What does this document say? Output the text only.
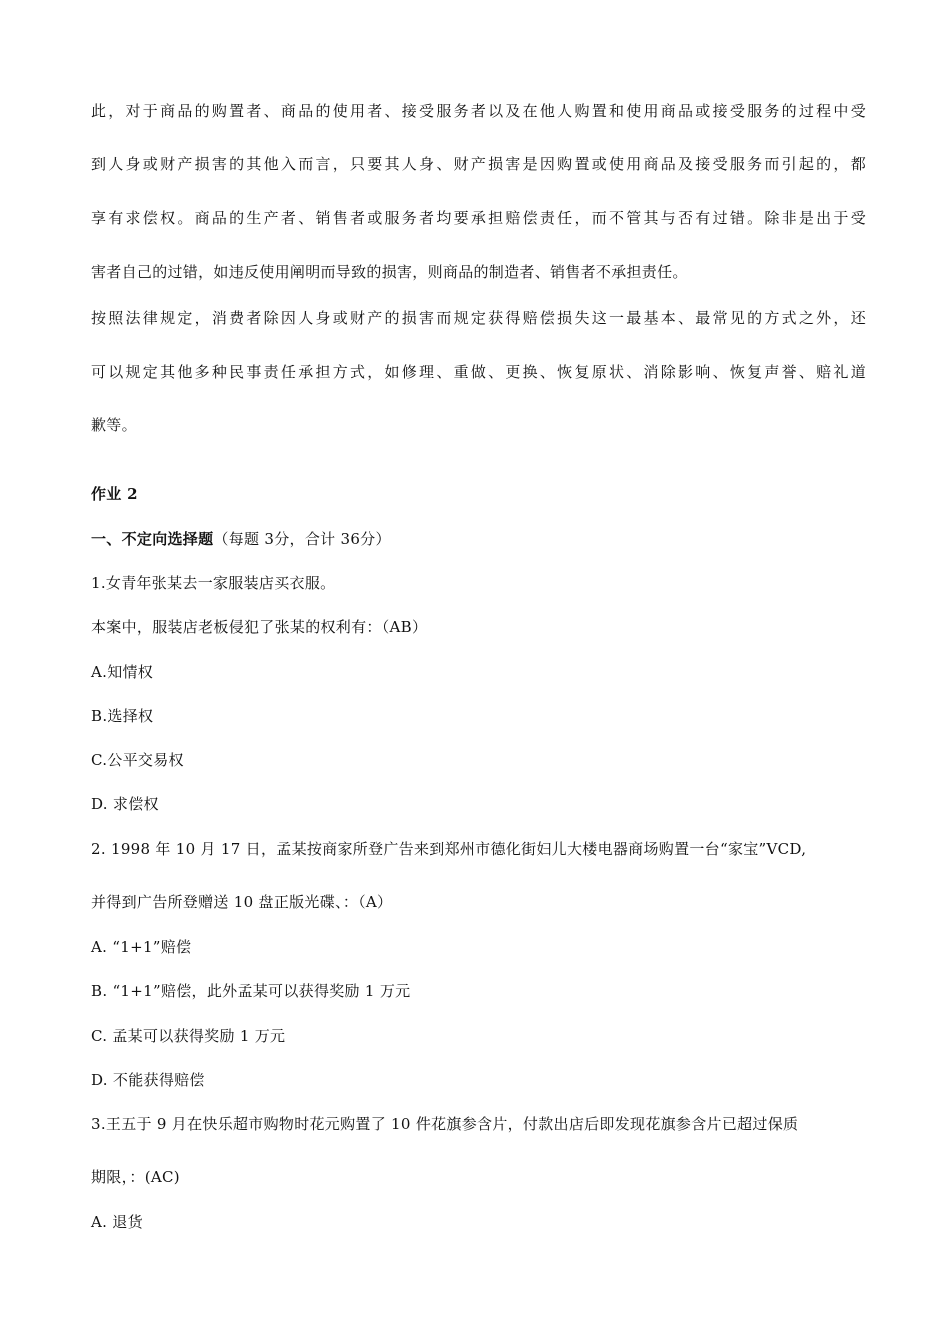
此，对于商品的购置者、商品的使用者、接受服务者以及在他人购置和使用商品或接受服务的过程中受
到人身或财产损害的其他入而言，只要其人身、财产损害是因购置或使用商品及接受服务而引起的，都
享有求偿权。商品的生产者、销售者或服务者均要承担赔偿责任，而不管其与否有过错。除非是出于受
害者自己的过错，如违反使用阐明而导致的损害，则商品的制造者、销售者不承担责任。
按照法律规定，消费者除因人身或财产的损害而规定获得赔偿损失这一最基本、最常见的方式之外，还
可以规定其他多种民事责任承担方式，如修理、重做、更换、恢复原状、消除影响、恢复声誉、赔礼道
歉等。
作业 2
一、不定向选择题（每题 3分，合计 36分）
1.女青年张某去一家服装店买衣服。
本案中，服装店老板侵犯了张某的权利有：（AB）
A.知情权
B.选择权
C.公平交易权
D. 求偿权
2. 1998 年 10 月 17 日，孟某按商家所登广告来到郑州市德化街妇儿大楼电器商场购置一台“家宝”VCD,
并得到广告所登赠送 10 盘正版光碟、：（A）
A. “1+1”赔偿
B. “1+1”赔偿，此外孟某可以获得奖励 1 万元
C. 孟某可以获得奖励 1 万元
D. 不能获得赔偿
3.王五于 9 月在快乐超市购物时花元购置了 10 件花旗参含片，付款出店后即发现花旗参含片已超过保质
期限，：(AC)
A. 退货
